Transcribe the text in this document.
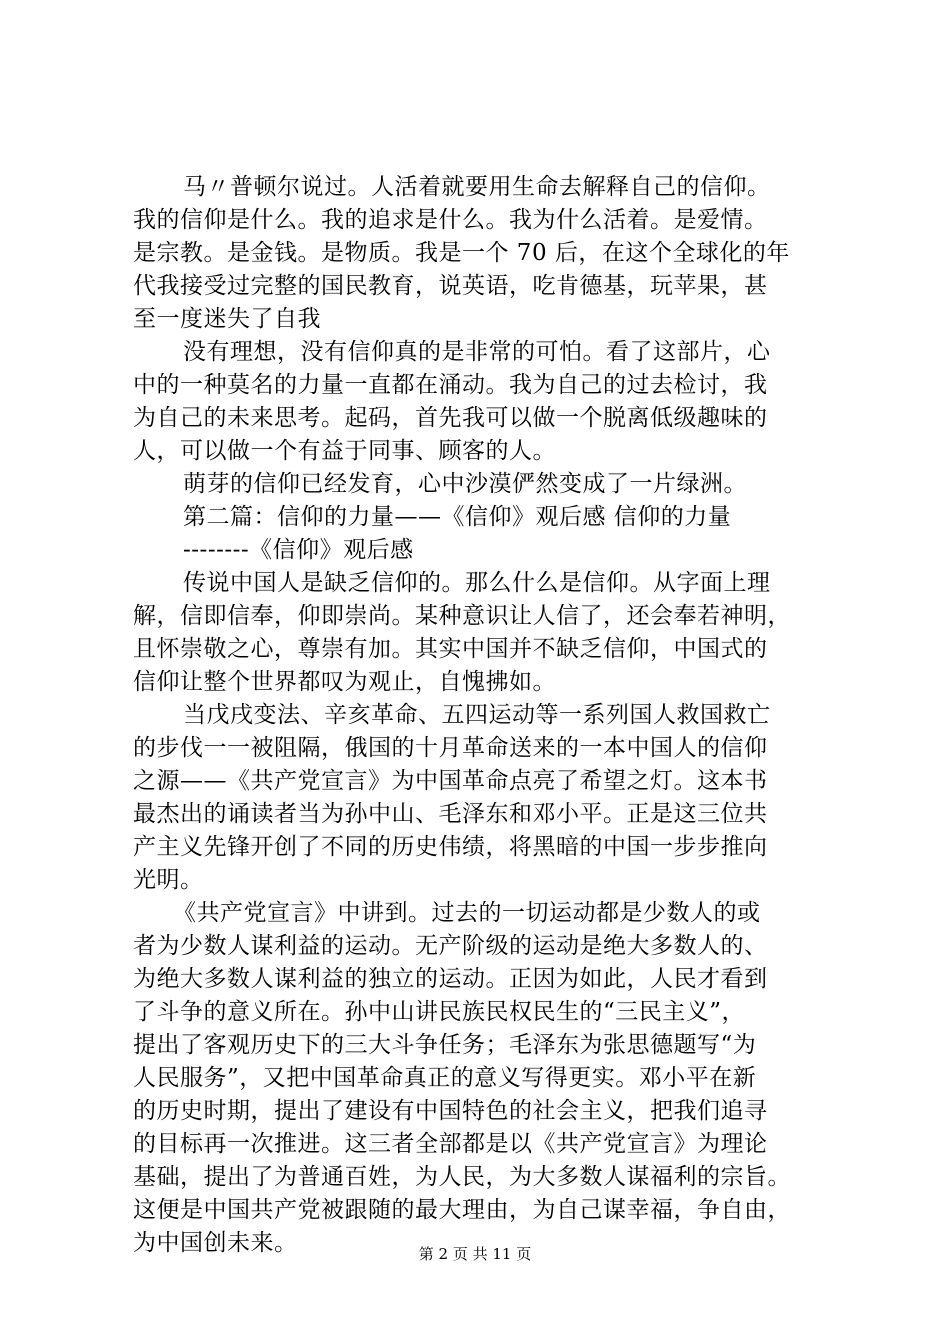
马〃普顿尔说过。人活着就要用生命去解释自己的信仰。
我的信仰是什么。我的追求是什么。我为什么活着。是爱情。
是宗教。是金钱。是物质。我是一个 70 后，在这个全球化的年
代我接受过完整的国民教育，说英语，吃肯德基，玩苹果，甚
至一度迷失了自我
没有理想，没有信仰真的是非常的可怕。看了这部片，心
中的一种莫名的力量一直都在涌动。我为自己的过去检讨，我
为自己的未来思考。起码，首先我可以做一个脱离低级趣味的
人，可以做一个有益于同事、顾客的人。
萌芽的信仰已经发育，心中沙漠俨然变成了一片绿洲。
第二篇：信仰的力量——《信仰》观后感 信仰的力量
--------《信仰》观后感
传说中国人是缺乏信仰的。那么什么是信仰。从字面上理
解，信即信奉，仰即崇尚。某种意识让人信了，还会奉若神明，
且怀崇敬之心，尊崇有加。其实中国并不缺乏信仰，中国式的
信仰让整个世界都叹为观止，自愧拂如。
当戊戌变法、辛亥革命、五四运动等一系列国人救国救亡
的步伐一一被阻隔，俄国的十月革命送来的一本中国人的信仰
之源——《共产党宣言》为中国革命点亮了希望之灯。这本书
最杰出的诵读者当为孙中山、毛泽东和邓小平。正是这三位共
产主义先锋开创了不同的历史伟绩，将黑暗的中国一步步推向
光明。
《共产党宣言》中讲到。过去的一切运动都是少数人的或
者为少数人谋利益的运动。无产阶级的运动是绝大多数人的、
为绝大多数人谋利益的独立的运动。正因为如此，人民才看到
了斗争的意义所在。孙中山讲民族民权民生的“三民主义”，
提出了客观历史下的三大斗争任务；毛泽东为张思德题写“为
人民服务”，又把中国革命真正的意义写得更实。邓小平在新
的历史时期，提出了建设有中国特色的社会主义，把我们追寻
的目标再一次推进。这三者全部都是以《共产党宣言》为理论
基础，提出了为普通百姓，为人民，为大多数人谋福利的宗旨。
这便是中国共产党被跟随的最大理由，为自己谋幸福，争自由，
为中国创未来。	第 2 页 共 11 页
